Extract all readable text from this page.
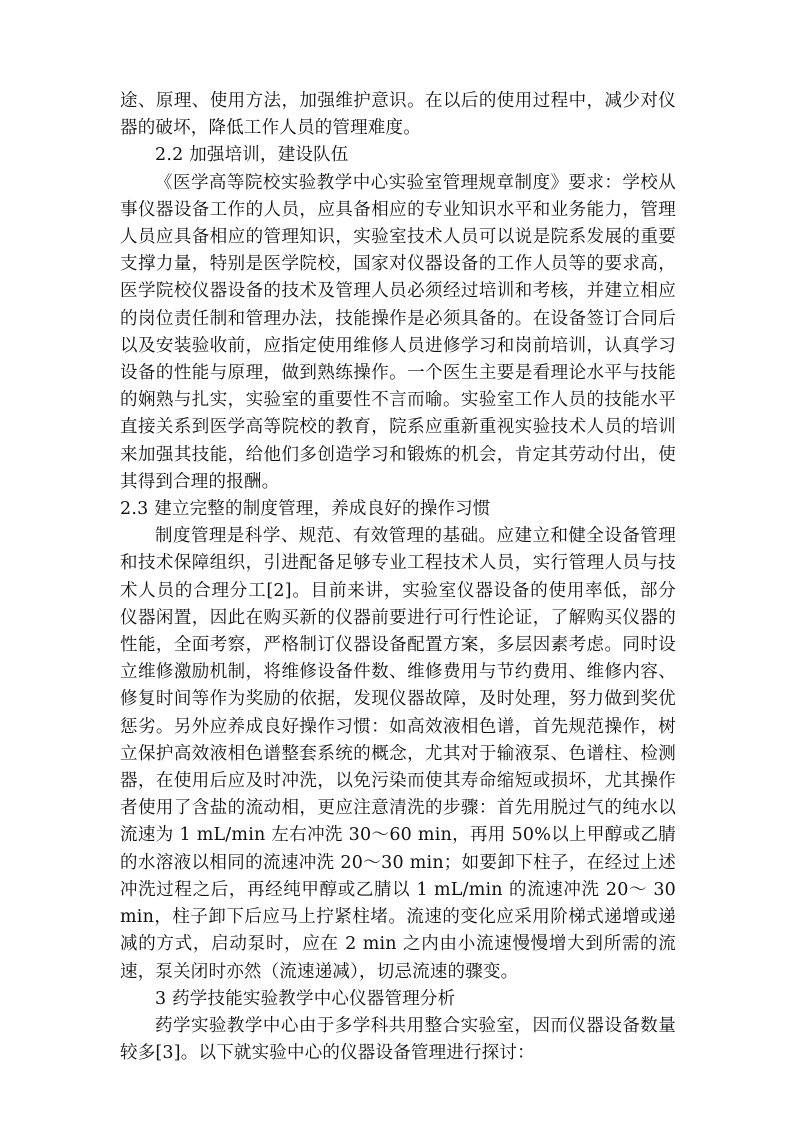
途、原理、使用方法，加强维护意识。在以后的使用过程中，减少对仪器的破坏，降低工作人员的管理难度。

2.2 加强培训，建设队伍

《医学高等院校实验教学中心实验室管理规章制度》要求：学校从事仪器设备工作的人员，应具备相应的专业知识水平和业务能力，管理人员应具备相应的管理知识，实验室技术人员可以说是院系发展的重要支撑力量，特别是医学院校，国家对仪器设备的工作人员等的要求高，医学院校仪器设备的技术及管理人员必须经过培训和考核，并建立相应的岗位责任制和管理办法，技能操作是必须具备的。在设备签订合同后以及安装验收前，应指定使用维修人员进修学习和岗前培训，认真学习设备的性能与原理，做到熟练操作。一个医生主要是看理论水平与技能的娴熟与扎实，实验室的重要性不言而喻。实验室工作人员的技能水平直接关系到医学高等院校的教育，院系应重新重视实验技术人员的培训来加强其技能，给他们多创造学习和锻炼的机会，肯定其劳动付出，使其得到合理的报酬。

2.3 建立完整的制度管理，养成良好的操作习惯

制度管理是科学、规范、有效管理的基础。应建立和健全设备管理和技术保障组织，引进配备足够专业工程技术人员，实行管理人员与技术人员的合理分工[2]。目前来讲，实验室仪器设备的使用率低，部分仪器闲置，因此在购买新的仪器前要进行可行性论证，了解购买仪器的性能，全面考察，严格制订仪器设备配置方案，多层因素考虑。同时设立维修激励机制，将维修设备件数、维修费用与节约费用、维修内容、修复时间等作为奖励的依据，发现仪器故障，及时处理，努力做到奖优惩劣。另外应养成良好操作习惯：如高效液相色谱，首先规范操作，树立保护高效液相色谱整套系统的概念，尤其对于输液泵、色谱柱、检测器，在使用后应及时冲洗，以免污染而使其寿命缩短或损坏，尤其操作者使用了含盐的流动相，更应注意清洗的步骤：首先用脱过气的纯水以流速为 1 mL/min 左右冲洗 30～60 min，再用 50%以上甲醇或乙腈的水溶液以相同的流速冲洗 20～30 min；如要卸下柱子，在经过上述冲洗过程之后，再经纯甲醇或乙腈以 1 mL/min 的流速冲洗 20～ 30 min，柱子卸下后应马上拧紧柱堵。流速的变化应采用阶梯式递增或递减的方式，启动泵时，应在 2 min 之内由小流速慢慢增大到所需的流速，泵关闭时亦然（流速递减），切忌流速的骤变。

3 药学技能实验教学中心仪器管理分析

药学实验教学中心由于多学科共用整合实验室，因而仪器设备数量较多[3]。以下就实验中心的仪器设备管理进行探讨：
